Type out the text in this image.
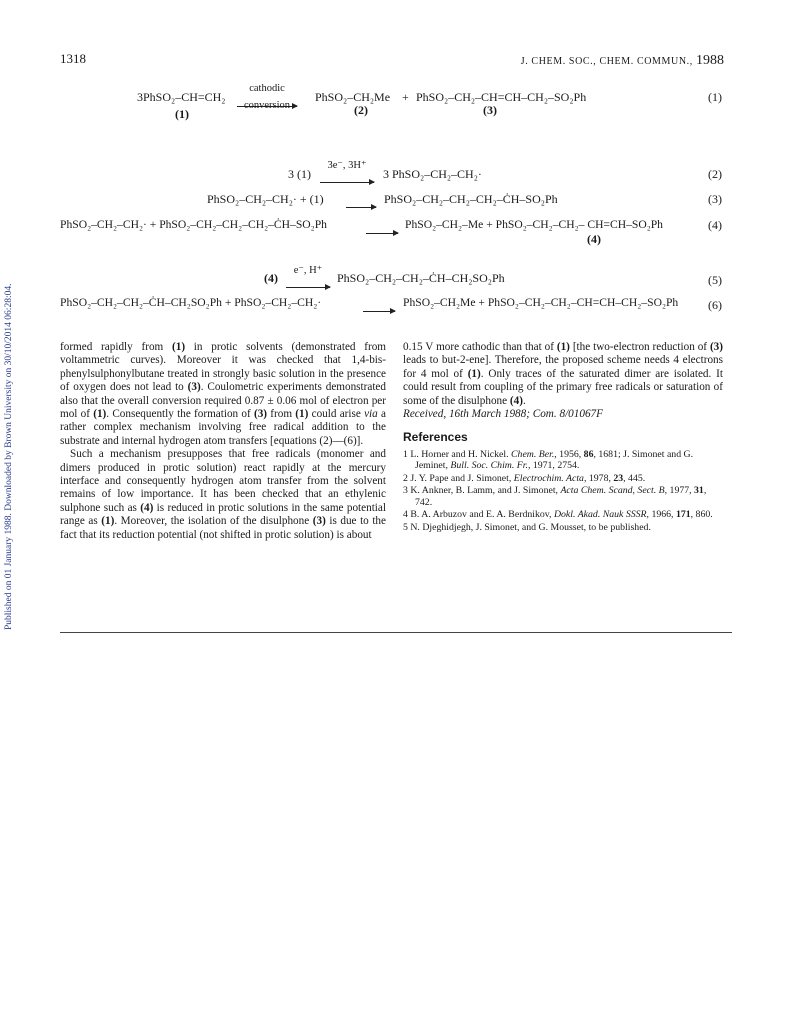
Published on 01 January 1988. Downloaded by Brown University on 30/10/2014 06:28:04.
1318	J. CHEM. SOC., CHEM. COMMUN., 1988
3PhSO₂–CH=CH₂
cathodic
conversion
PhSO₂–CH₂Me + PhSO₂–CH₂–CH=CH–CH₂–SO₂Ph
(1)	(2)	(3)
(1)
3 (1)
3e⁻, 3H⁺
3 PhSO₂–CH₂–CH₂·	(2)
PhSO₂–CH₂–CH₂· + (1)	PhSO₂–CH₂–CH₂–CH₂–ĊH–SO₂Ph	(3)
PhSO₂–CH₂–CH₂· + PhSO₂–CH₂–CH₂–CH₂–ĊH–SO₂Ph	PhSO₂–CH₂–Me + PhSO₂–CH₂–CH₂– CH=CH–SO₂Ph
(4)
(4)
(4)
e⁻, H⁺
PhSO₂–CH₂–CH₂–ĊH–CH₂SO₂Ph	(5)
PhSO₂–CH₂–CH₂–ĊH–CH₂SO₂Ph + PhSO₂–CH₂–CH₂·	PhSO₂–CH₂Me + PhSO₂–CH₂–CH₂–CH=CH–CH₂–SO₂Ph (6)

formed rapidly from (1) in protic solvents (demonstrated from voltammetric curves). Moreover it was checked that 1,4-bis-phenylsulphonylbutane treated in strongly basic solution in the presence of oxygen does not lead to (3). Coulometric experiments demonstrated also that the overall conversion required 0.87 ± 0.06 mol of electron per mol of (1). Consequently the formation of (3) from (1) could arise via a rather complex mechanism involving free radical addition to the substrate and internal hydrogen atom transfers [equations (2)—(6)].

Such a mechanism presupposes that free radicals (monomer and dimers produced in protic solution) react rapidly at the mercury interface and consequently hydrogen atom transfer from the solvent remains of low importance. It has been checked that an ethylenic sulphone such as (4) is reduced in protic solutions in the same potential range as (1). Moreover, the isolation of the disulphone (3) is due to the fact that its reduction potential (not shifted in protic solution) is about

0.15 V more cathodic than that of (1) [the two-electron reduction of (3) leads to but-2-ene]. Therefore, the proposed scheme needs 4 electrons for 4 mol of (1). Only traces of the saturated dimer are isolated. It could result from coupling of the primary free radicals or saturation of some of the disulphone (4).

Received, 16th March 1988; Com. 8/01067F

References
1 L. Horner and H. Nickel. Chem. Ber., 1956, 86, 1681; J. Simonet and G. Jeminet, Bull. Soc. Chim. Fr., 1971, 2754.
2 J. Y. Pape and J. Simonet, Electrochim. Acta, 1978, 23, 445.
3 K. Ankner, B. Lamm, and J. Simonet, Acta Chem. Scand, Sect. B, 1977, 31, 742.
4 B. A. Arbuzov and E. A. Berdnikov, Dokl. Akad. Nauk SSSR, 1966, 171, 860.
5 N. Djeghidjegh, J. Simonet, and G. Mousset, to be published.
